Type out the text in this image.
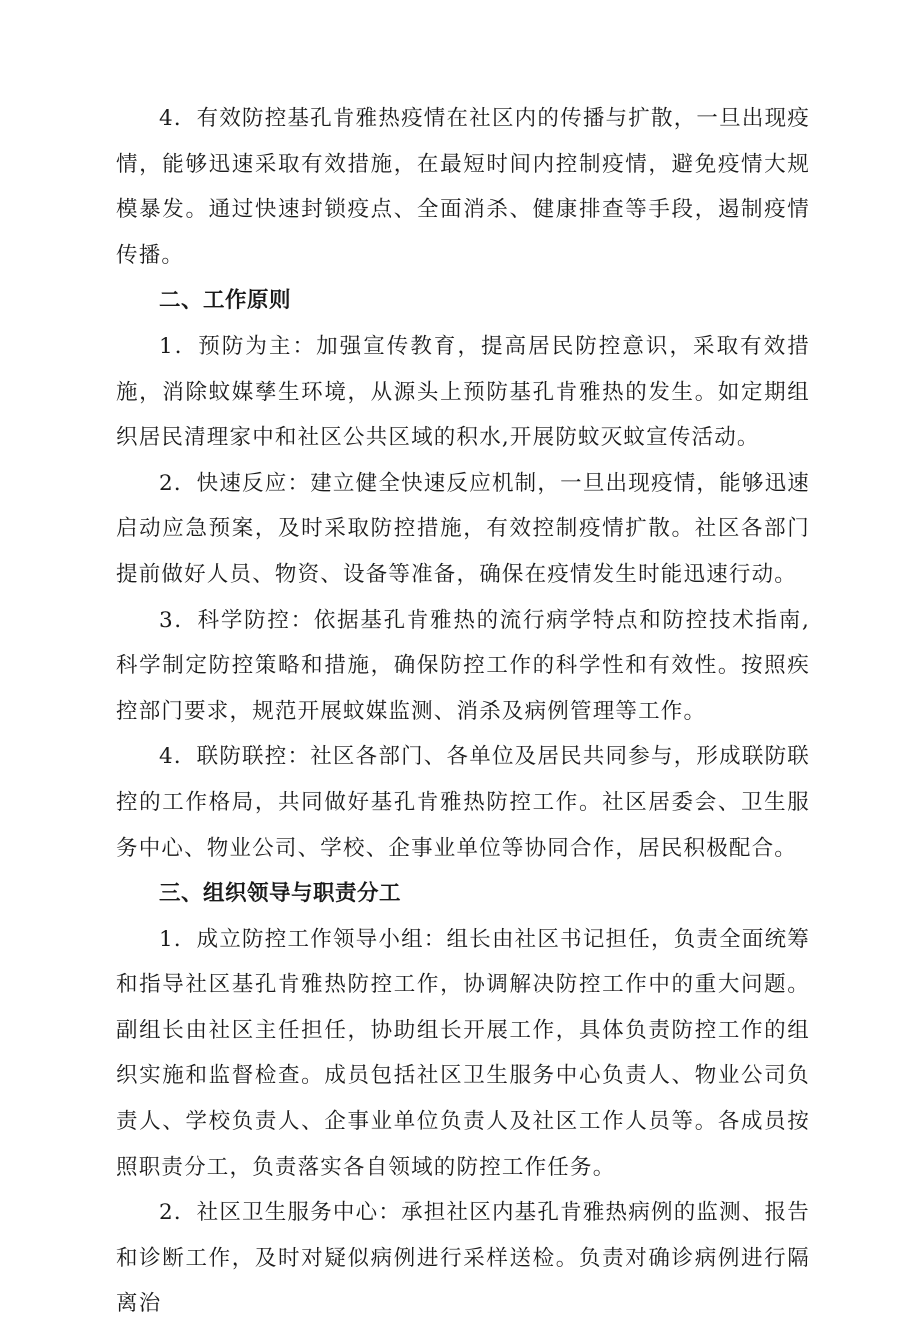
4．有效防控基孔肯雅热疫情在社区内的传播与扩散，一旦出现疫情，能够迅速采取有效措施，在最短时间内控制疫情，避免疫情大规模暴发。通过快速封锁疫点、全面消杀、健康排查等手段，遏制疫情传播。

二、工作原则

1．预防为主：加强宣传教育，提高居民防控意识，采取有效措施，消除蚊媒孳生环境，从源头上预防基孔肯雅热的发生。如定期组织居民清理家中和社区公共区域的积水,开展防蚊灭蚊宣传活动。

2．快速反应：建立健全快速反应机制，一旦出现疫情，能够迅速启动应急预案，及时采取防控措施，有效控制疫情扩散。社区各部门提前做好人员、物资、设备等准备，确保在疫情发生时能迅速行动。

3．科学防控：依据基孔肯雅热的流行病学特点和防控技术指南,科学制定防控策略和措施，确保防控工作的科学性和有效性。按照疾控部门要求，规范开展蚊媒监测、消杀及病例管理等工作。

4．联防联控：社区各部门、各单位及居民共同参与，形成联防联控的工作格局，共同做好基孔肯雅热防控工作。社区居委会、卫生服务中心、物业公司、学校、企事业单位等协同合作，居民积极配合。

三、组织领导与职责分工

1．成立防控工作领导小组：组长由社区书记担任，负责全面统筹和指导社区基孔肯雅热防控工作，协调解决防控工作中的重大问题。副组长由社区主任担任，协助组长开展工作，具体负责防控工作的组织实施和监督检查。成员包括社区卫生服务中心负责人、物业公司负责人、学校负责人、企事业单位负责人及社区工作人员等。各成员按照职责分工，负责落实各自领域的防控工作任务。

2．社区卫生服务中心：承担社区内基孔肯雅热病例的监测、报告和诊断工作，及时对疑似病例进行采样送检。负责对确诊病例进行隔离治
